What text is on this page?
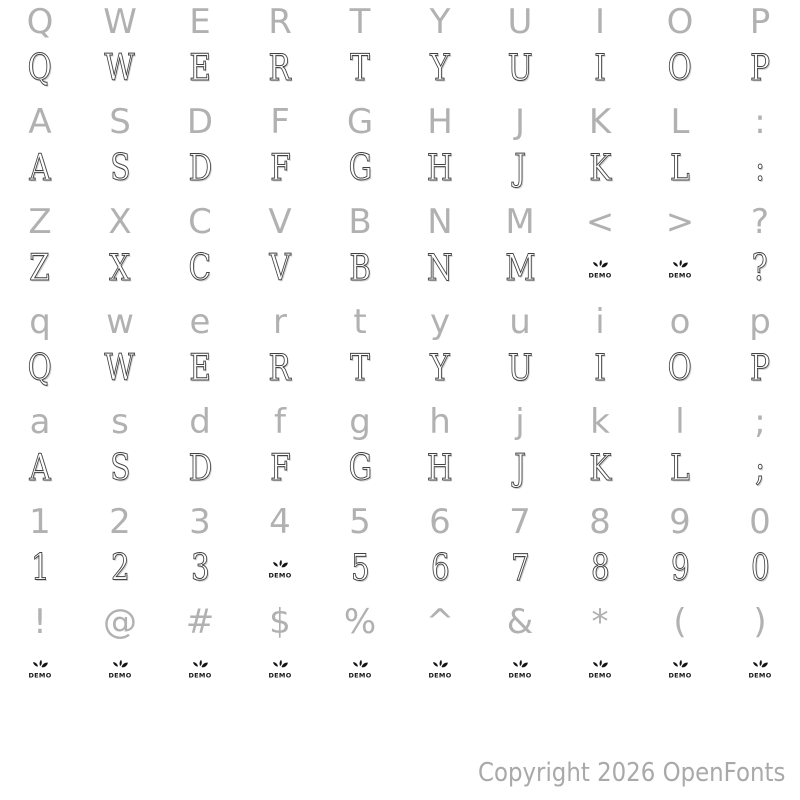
Q W E R T Y U I O P
Q W E R T Y U I O P
A S D F G H J K L :
A S D F G H J K L :
Z X C V B N M < > ?
Z X C V B N M	DEMO	DEMO ?
q w e r t y u i o p
Q W E R T Y U I O P
a s d f g h j k l ;
A S D F G H J K L ;
1 2 3 4 5 6 7 8 9 0
1 2 3	DEMO 5 6 7 8 9 0
! @ # $ % ^ & * ( )
DEMO	DEMO	DEMO	DEMO	DEMO	DEMO	DEMO	DEMO	DEMO	DEMO
Copyright 2026 OpenFonts
